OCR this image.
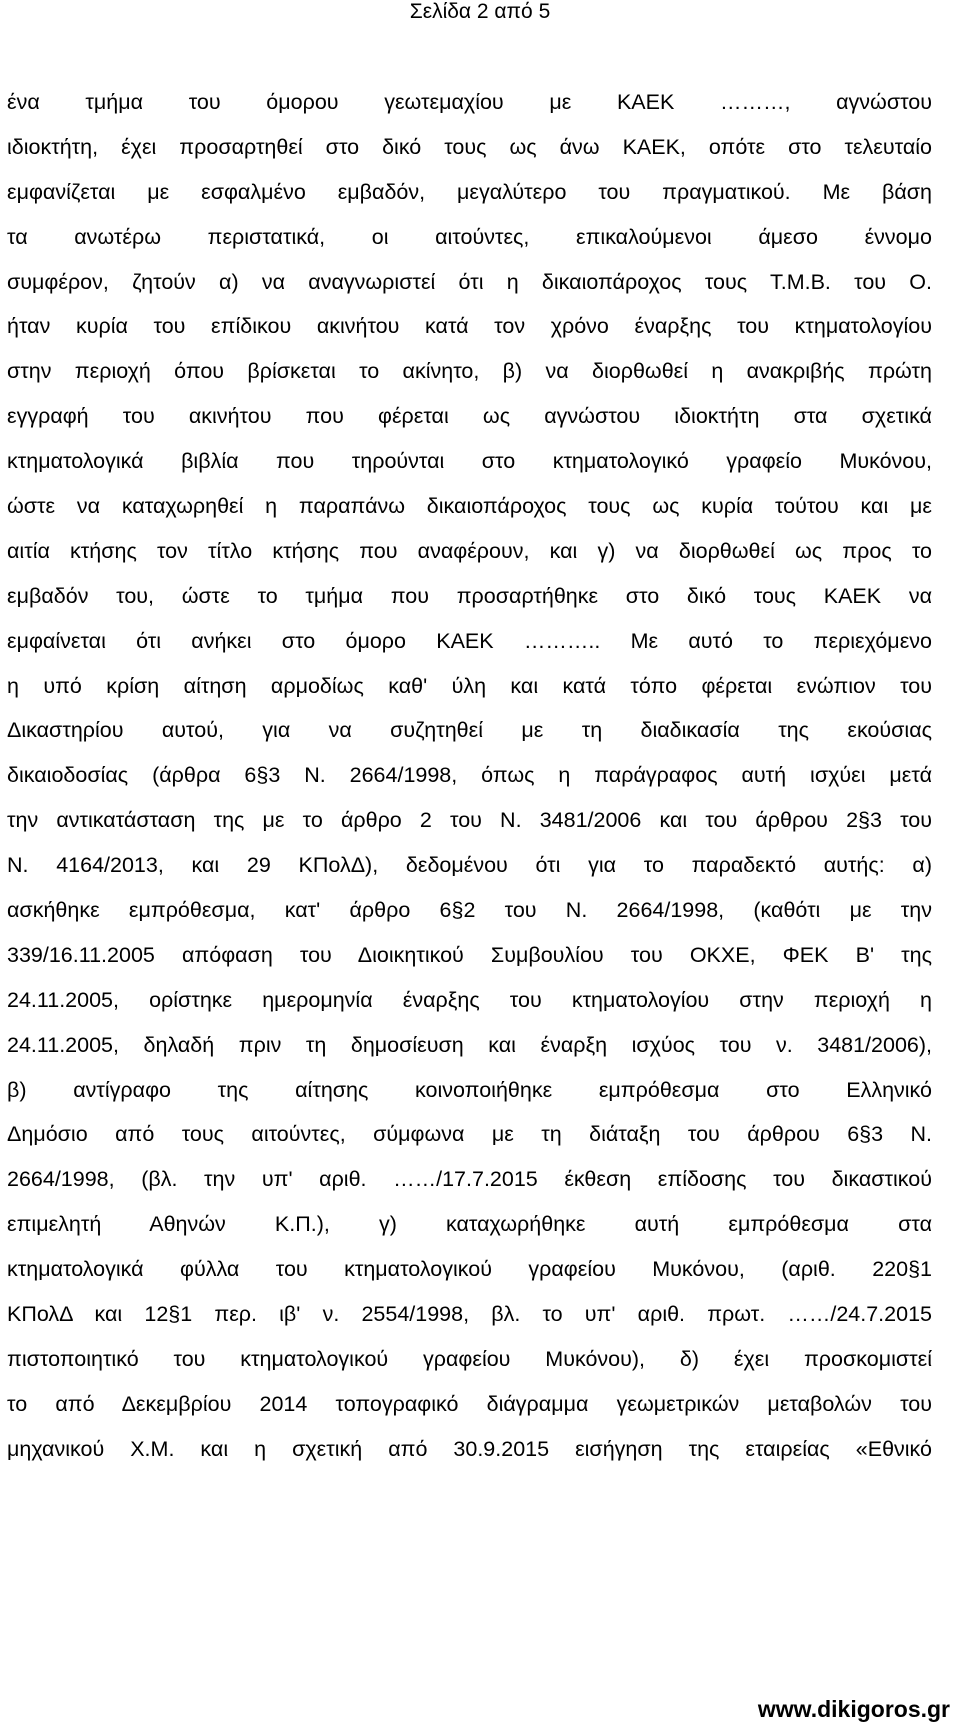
Σελίδα 2 από 5
ένα τμήμα του όμορου γεωτεμαχίου με ΚΑΕΚ ………, αγνώστου
ιδιοκτήτη, έχει προσαρτηθεί στο δικό τους ως άνω ΚΑΕΚ, οπότε στο τελευταίο
εμφανίζεται με εσφαλμένο εμβαδόν, μεγαλύτερο του πραγματικού. Με βάση
τα ανωτέρω περιστατικά, οι αιτούντες, επικαλούμενοι άμεσο έννομο
συμφέρον, ζητούν α) να αναγνωριστεί ότι η δικαιοπάροχος τους Τ.Μ.Β. του Ο.
ήταν κυρία του επίδικου ακινήτου κατά τον χρόνο έναρξης του κτηματολογίου
στην περιοχή όπου βρίσκεται το ακίνητο, β) να διορθωθεί η ανακριβής πρώτη
εγγραφή του ακινήτου που φέρεται ως αγνώστου ιδιοκτήτη στα σχετικά
κτηματολογικά βιβλία που τηρούνται στο κτηματολογικό γραφείο Μυκόνου,
ώστε να καταχωρηθεί η παραπάνω δικαιοπάροχος τους ως κυρία τούτου και με
αιτία κτήσης τον τίτλο κτήσης που αναφέρουν, και γ) να διορθωθεί ως προς το
εμβαδόν του, ώστε το τμήμα που προσαρτήθηκε στο δικό τους ΚΑΕΚ να
εμφαίνεται ότι ανήκει στο όμορο ΚΑΕΚ ……….. Με αυτό το περιεχόμενο
η υπό κρίση αίτηση αρμοδίως καθ' ύλη και κατά τόπο φέρεται ενώπιον του
Δικαστηρίου αυτού, για να συζητηθεί με τη διαδικασία της εκούσιας
δικαιοδοσίας (άρθρα 6§3 Ν. 2664/1998, όπως η παράγραφος αυτή ισχύει μετά
την αντικατάσταση της με το άρθρο 2 του Ν. 3481/2006 και του άρθρου 2§3 του
Ν. 4164/2013, και 29 ΚΠολΔ), δεδομένου ότι για το παραδεκτό αυτής: α)
ασκήθηκε εμπρόθεσμα, κατ' άρθρο 6§2 του Ν. 2664/1998, (καθότι με την
339/16.11.2005 απόφαση του Διοικητικού Συμβουλίου του ΟΚΧΕ, ΦΕΚ Β' της
24.11.2005, ορίστηκε ημερομηνία έναρξης του κτηματολογίου στην περιοχή η
24.11.2005, δηλαδή πριν τη δημοσίευση και έναρξη ισχύος του ν. 3481/2006),
β) αντίγραφο της αίτησης κοινοποιήθηκε εμπρόθεσμα στο Ελληνικό
Δημόσιο από τους αιτούντες, σύμφωνα με τη διάταξη του άρθρου 6§3 Ν.
2664/1998, (βλ. την υπ' αριθ. ……/17.7.2015 έκθεση επίδοσης του δικαστικού
επιμελητή Αθηνών Κ.Π.), γ) καταχωρήθηκε αυτή εμπρόθεσμα στα
κτηματολογικά φύλλα του κτηματολογικού γραφείου Μυκόνου, (αριθ. 220§1
ΚΠολΔ και 12§1 περ. ιβ' ν. 2554/1998, βλ. το υπ' αριθ. πρωτ. ……/24.7.2015
πιστοποιητικό του κτηματολογικού γραφείου Μυκόνου), δ) έχει προσκομιστεί
το από Δεκεμβρίου 2014 τοπογραφικό διάγραμμα γεωμετρικών μεταβολών του
μηχανικού Χ.Μ. και η σχετική από 30.9.2015 εισήγηση της εταιρείας «Εθνικό
www.dikigoros.gr
